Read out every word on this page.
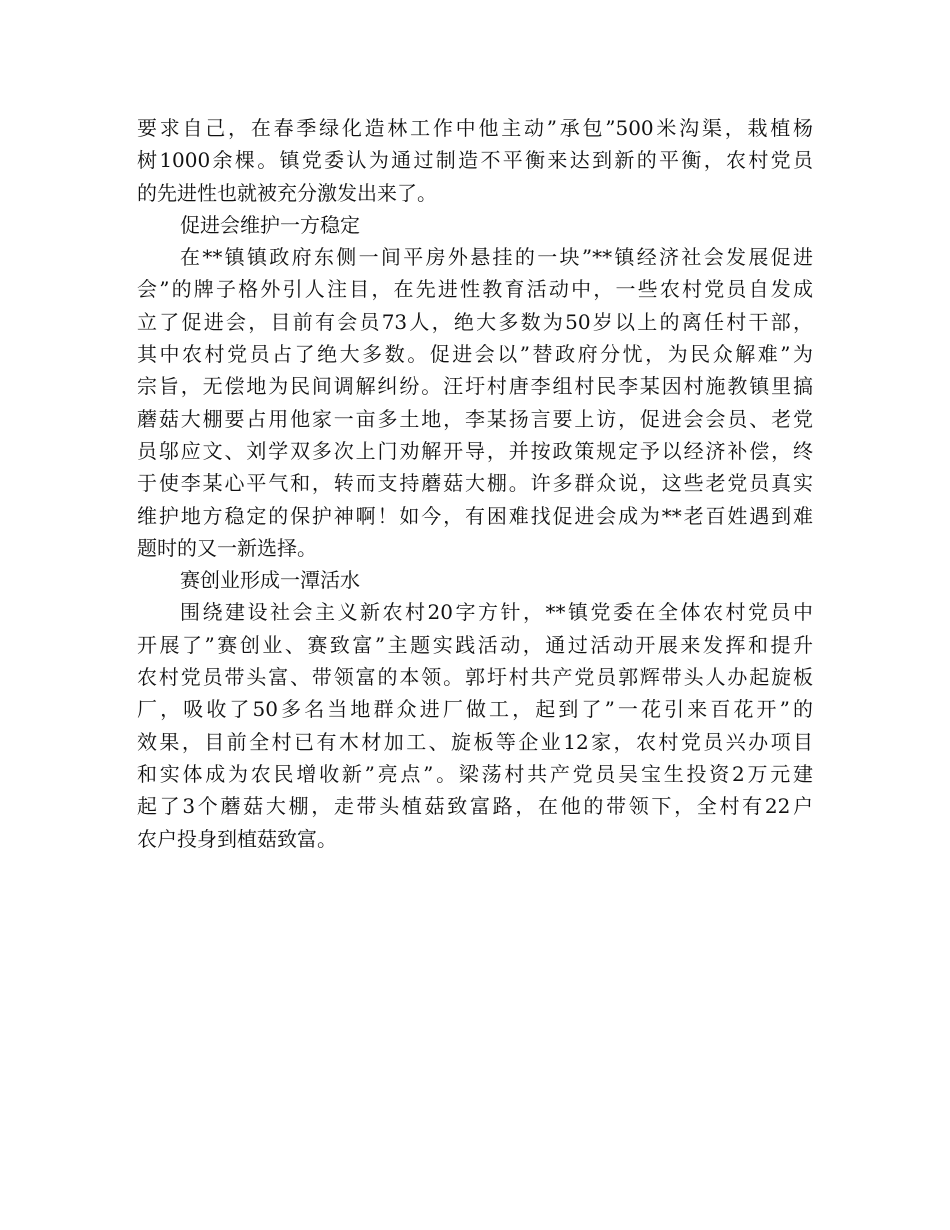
要求自己，在春季绿化造林工作中他主动”承包”500米沟渠，栽植杨
树1000余棵。镇党委认为通过制造不平衡来达到新的平衡，农村党员
的先进性也就被充分激发出来了。
促进会维护一方稳定
在**镇镇政府东侧一间平房外悬挂的一块”**镇经济社会发展促进
会”的牌子格外引人注目，在先进性教育活动中，一些农村党员自发成
立了促进会，目前有会员73人，绝大多数为50岁以上的离任村干部，
其中农村党员占了绝大多数。促进会以”替政府分忧，为民众解难”为
宗旨，无偿地为民间调解纠纷。汪圩村唐李组村民李某因村施教镇里搞
蘑菇大棚要占用他家一亩多土地，李某扬言要上访，促进会会员、老党
员邬应文、刘学双多次上门劝解开导，并按政策规定予以经济补偿，终
于使李某心平气和，转而支持蘑菇大棚。许多群众说，这些老党员真实
维护地方稳定的保护神啊！如今，有困难找促进会成为**老百姓遇到难
题时的又一新选择。
赛创业形成一潭活水
围绕建设社会主义新农村20字方针，**镇党委在全体农村党员中
开展了”赛创业、赛致富”主题实践活动，通过活动开展来发挥和提升
农村党员带头富、带领富的本领。郭圩村共产党员郭辉带头人办起旋板
厂，吸收了50多名当地群众进厂做工，起到了”一花引来百花开”的
效果，目前全村已有木材加工、旋板等企业12家，农村党员兴办项目
和实体成为农民增收新”亮点”。梁荡村共产党员吴宝生投资2万元建
起了3个蘑菇大棚，走带头植菇致富路，在他的带领下，全村有22户
农户投身到植菇致富。
